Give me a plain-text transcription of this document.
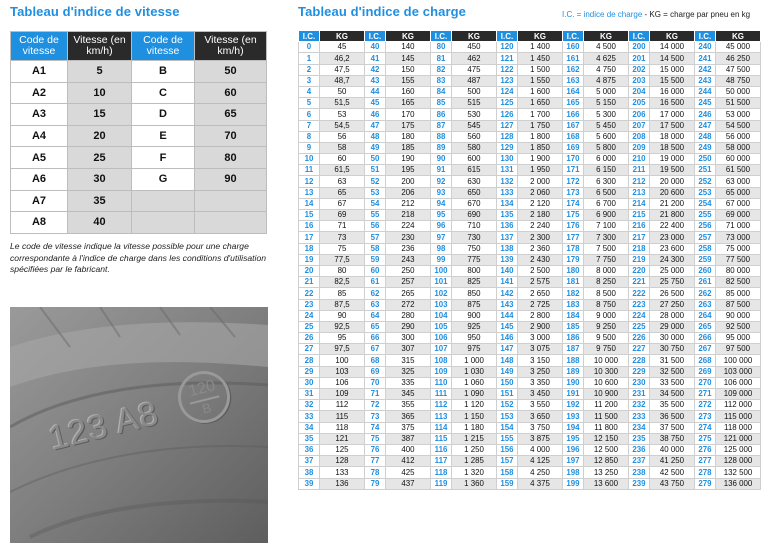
Tableau d'indice de vitesse
Code de vitesse	Vitesse (en km/h)	Code de vitesse	Vitesse (en km/h)
A1	5	B	50
A2	10	C	60
A3	15	D	65
A4	20	E	70
A5	25	F	80
A6	30	G	90
A7	35		
A8	40		
Le code de vitesse indique la vitesse possible pour une charge correspondante à l'indice de charge dans les conditions d'utilisation spécifiées par le fabricant.
123 A8
120
B
Tableau d'indice de charge	I.C. = indice de charge - KG = charge par pneu en kg
I.C.	KG	I.C.	KG	I.C.	KG	I.C.	KG	I.C.	KG	I.C.	KG	I.C.	KG
0	45	40	140	80	450	120	1 400	160	4 500	200	14 000	240	45 000
1	46,2	41	145	81	462	121	1 450	161	4 625	201	14 500	241	46 250
2	47,5	42	150	82	475	122	1 500	162	4 750	202	15 000	242	47 500
3	48,7	43	155	83	487	123	1 550	163	4 875	203	15 500	243	48 750
4	50	44	160	84	500	124	1 600	164	5 000	204	16 000	244	50 000
5	51,5	45	165	85	515	125	1 650	165	5 150	205	16 500	245	51 500
6	53	46	170	86	530	126	1 700	166	5 300	206	17 000	246	53 000
7	54,5	47	175	87	545	127	1 750	167	5 450	207	17 500	247	54 500
8	56	48	180	88	560	128	1 800	168	5 600	208	18 000	248	56 000
9	58	49	185	89	580	129	1 850	169	5 800	209	18 500	249	58 000
10	60	50	190	90	600	130	1 900	170	6 000	210	19 000	250	60 000
11	61,5	51	195	91	615	131	1 950	171	6 150	211	19 500	251	61 500
12	63	52	200	92	630	132	2 000	172	6 300	212	20 000	252	63 000
13	65	53	206	93	650	133	2 060	173	6 500	213	20 600	253	65 000
14	67	54	212	94	670	134	2 120	174	6 700	214	21 200	254	67 000
15	69	55	218	95	690	135	2 180	175	6 900	215	21 800	255	69 000
16	71	56	224	96	710	136	2 240	176	7 100	216	22 400	256	71 000
17	73	57	230	97	730	137	2 300	177	7 300	217	23 000	257	73 000
18	75	58	236	98	750	138	2 360	178	7 500	218	23 600	258	75 000
19	77,5	59	243	99	775	139	2 430	179	7 750	219	24 300	259	77 500
20	80	60	250	100	800	140	2 500	180	8 000	220	25 000	260	80 000
21	82,5	61	257	101	825	141	2 575	181	8 250	221	25 750	261	82 500
22	85	62	265	102	850	142	2 650	182	8 500	222	26 500	262	85 000
23	87,5	63	272	103	875	143	2 725	183	8 750	223	27 250	263	87 500
24	90	64	280	104	900	144	2 800	184	9 000	224	28 000	264	90 000
25	92,5	65	290	105	925	145	2 900	185	9 250	225	29 000	265	92 500
26	95	66	300	106	950	146	3 000	186	9 500	226	30 000	266	95 000
27	97,5	67	307	107	975	147	3 075	187	9 750	227	30 750	267	97 500
28	100	68	315	108	1 000	148	3 150	188	10 000	228	31 500	268	100 000
29	103	69	325	109	1 030	149	3 250	189	10 300	229	32 500	269	103 000
30	106	70	335	110	1 060	150	3 350	190	10 600	230	33 500	270	106 000
31	109	71	345	111	1 090	151	3 450	191	10 900	231	34 500	271	109 000
32	112	72	355	112	1 120	152	3 550	192	11 200	232	35 500	272	112 000
33	115	73	365	113	1 150	153	3 650	193	11 500	233	36 500	273	115 000
34	118	74	375	114	1 180	154	3 750	194	11 800	234	37 500	274	118 000
35	121	75	387	115	1 215	155	3 875	195	12 150	235	38 750	275	121 000
36	125	76	400	116	1 250	156	4 000	196	12 500	236	40 000	276	125 000
37	128	77	412	117	1 285	157	4 125	197	12 850	237	41 250	277	128 000
38	133	78	425	118	1 320	158	4 250	198	13 250	238	42 500	278	132 500
39	136	79	437	119	1 360	159	4 375	199	13 600	239	43 750	279	136 000
